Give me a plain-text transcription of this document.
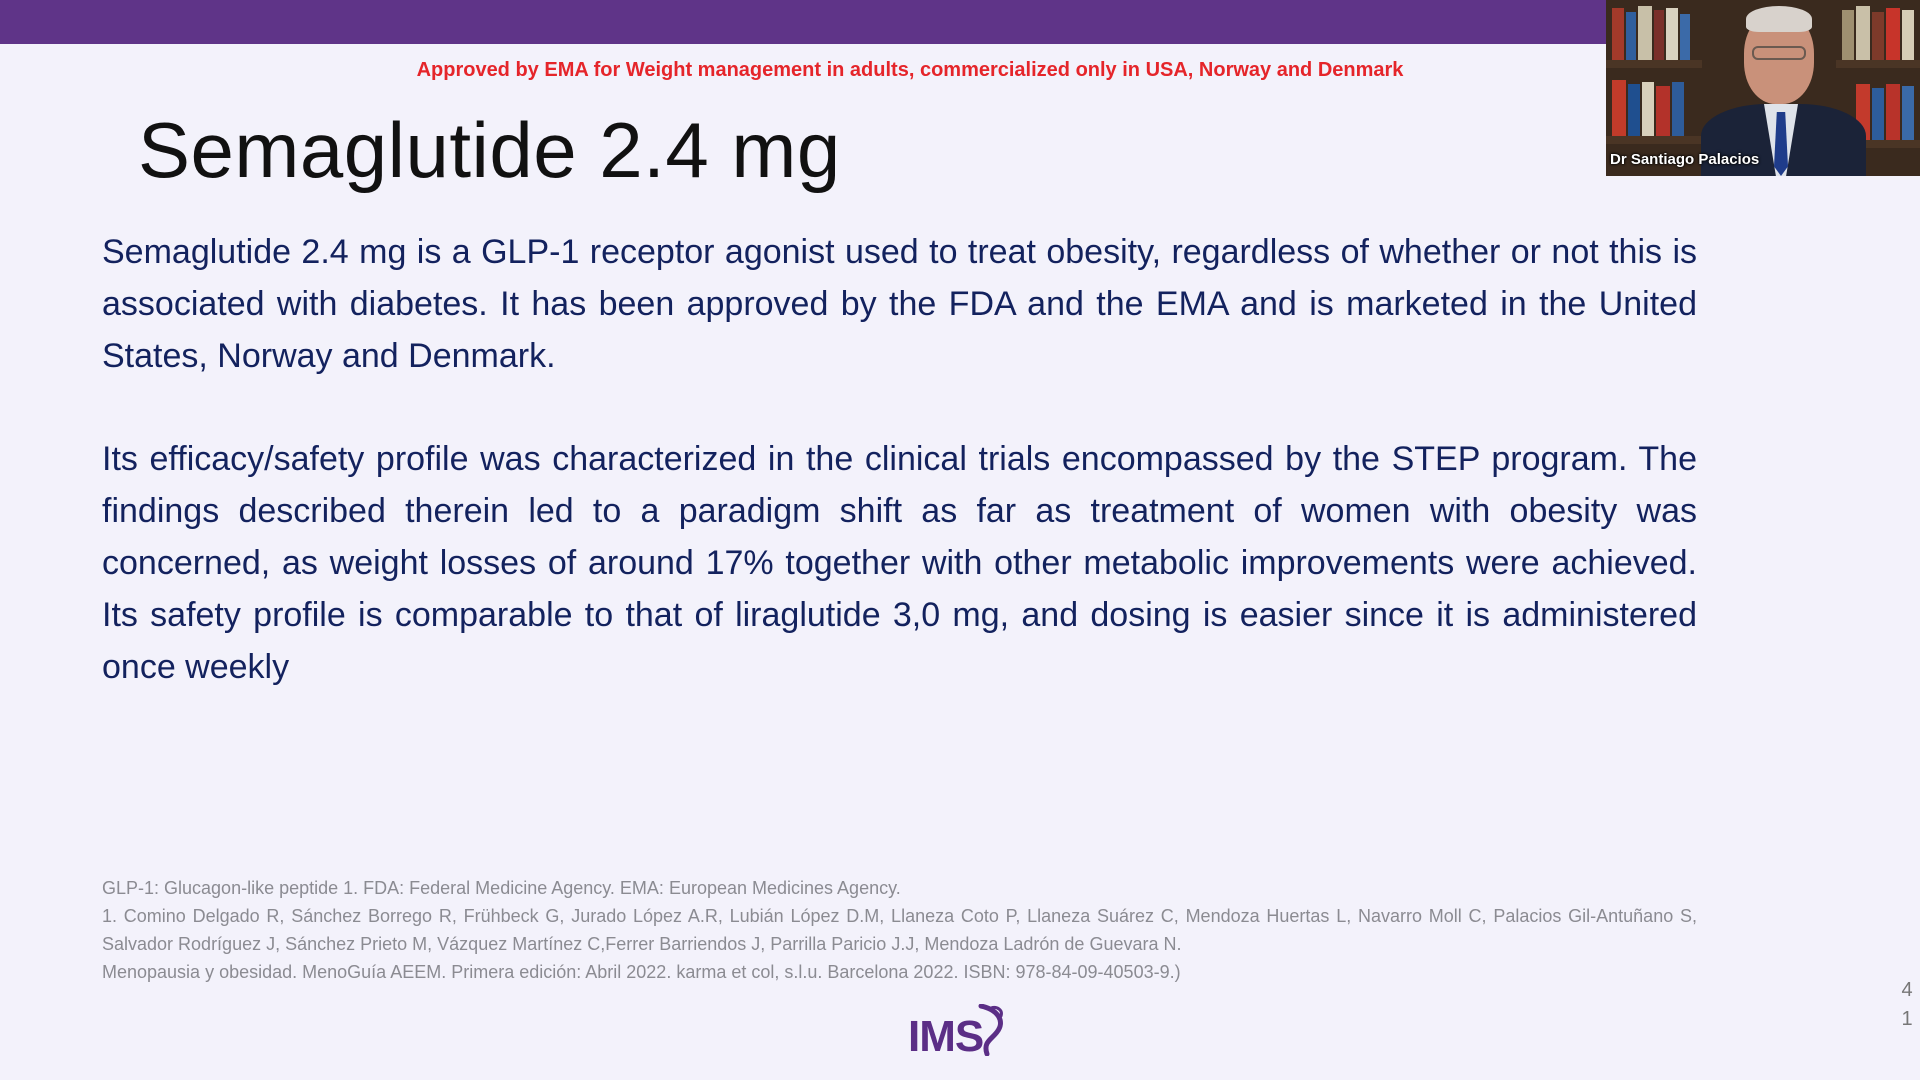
Approved by EMA for Weight management in adults, commercialized only in USA, Norway and Denmark
Semaglutide 2.4 mg
Semaglutide 2.4 mg is a GLP-1 receptor agonist used to treat obesity, regardless of whether or not this is associated with diabetes. It has been approved by the FDA and the EMA and is marketed in the United States, Norway and Denmark.
Its efficacy/safety profile was characterized in the clinical trials encompassed by the STEP program. The findings described therein led to a paradigm shift as far as treatment of women with obesity was concerned, as weight losses of around 17% together with other metabolic improvements were achieved. Its safety profile is comparable to that of liraglutide 3,0 mg, and dosing is easier since it is administered once weekly
GLP-1: Glucagon-like peptide 1. FDA: Federal Medicine Agency. EMA: European Medicines Agency.
1. Comino Delgado R, Sánchez Borrego R, Frühbeck G, Jurado López A.R, Lubián López D.M, Llaneza Coto P, Llaneza Suárez C, Mendoza Huertas L, Navarro Moll C, Palacios Gil-Antuñano S, Salvador Rodríguez J, Sánchez Prieto M, Vázquez Martínez C,Ferrer Barriendos J, Parrilla Paricio J.J, Mendoza Ladrón de Guevara N.
Menopausia y obesidad. MenoGuía AEEM. Primera edición: Abril 2022. karma et col, s.l.u. Barcelona 2022. ISBN: 978-84-09-40503-9.)
4
1
IMS
Dr Santiago Palacios
